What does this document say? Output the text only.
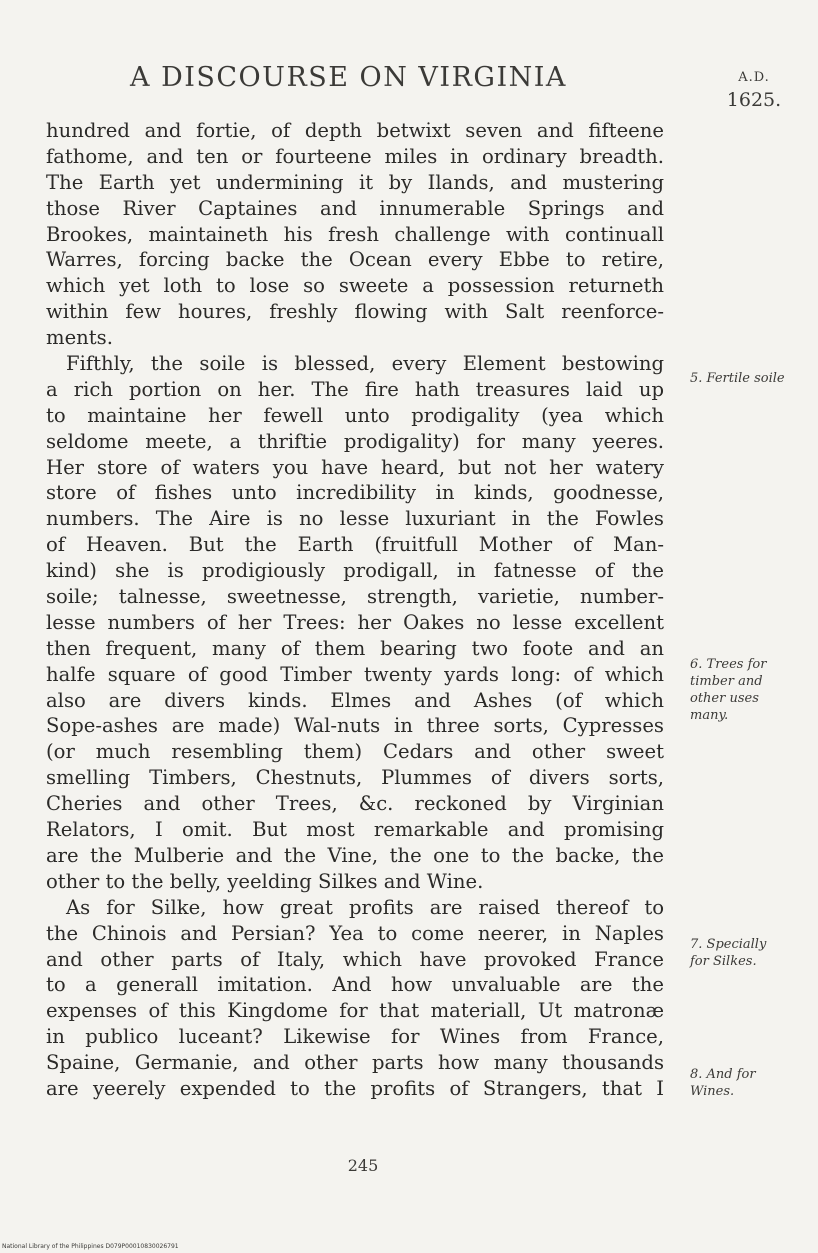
A DISCOURSE ON VIRGINIA	A.D.
1625.
hundred and fortie, of depth betwixt seven and fifteene
fathome, and ten or fourteene miles in ordinary breadth.
The Earth yet undermining it by Ilands, and mustering
those River Captaines and innumerable Springs and
Brookes, maintaineth his fresh challenge with continuall
Warres, forcing backe the Ocean every Ebbe to retire,
which yet loth to lose so sweete a possession returneth
within few houres, freshly flowing with Salt reenforce-
ments.
Fifthly, the soile is blessed, every Element bestowing
a rich portion on her. The fire hath treasures laid up
to maintaine her fewell unto prodigality (yea which
seldome meete, a thriftie prodigality) for many yeeres.
Her store of waters you have heard, but not her watery
store of fishes unto incredibility in kinds, goodnesse,
numbers. The Aire is no lesse luxuriant in the Fowles
of Heaven. But the Earth (fruitfull Mother of Man-
kind) she is prodigiously prodigall, in fatnesse of the
soile; talnesse, sweetnesse, strength, varietie, number-
lesse numbers of her Trees: her Oakes no lesse excellent
then frequent, many of them bearing two foote and an
halfe square of good Timber twenty yards long: of which
also are divers kinds. Elmes and Ashes (of which
Sope-ashes are made) Wal-nuts in three sorts, Cypresses
(or much resembling them) Cedars and other sweet
smelling Timbers, Chestnuts, Plummes of divers sorts,
Cheries and other Trees, &c. reckoned by Virginian
Relators, I omit. But most remarkable and promising
are the Mulberie and the Vine, the one to the backe, the
other to the belly, yeelding Silkes and Wine.
As for Silke, how great profits are raised thereof to
the Chinois and Persian? Yea to come neerer, in Naples
and other parts of Italy, which have provoked France
to a generall imitation. And how unvaluable are the
expenses of this Kingdome for that materiall, Ut matronæ
in publico luceant? Likewise for Wines from France,
Spaine, Germanie, and other parts how many thousands
are yeerely expended to the profits of Strangers, that I
5. Fertile soile
6. Trees for timber and other uses many.
7. Specially for Silkes.
8. And for Wines.
245
National Library of the Philippines D079P00010830026791
